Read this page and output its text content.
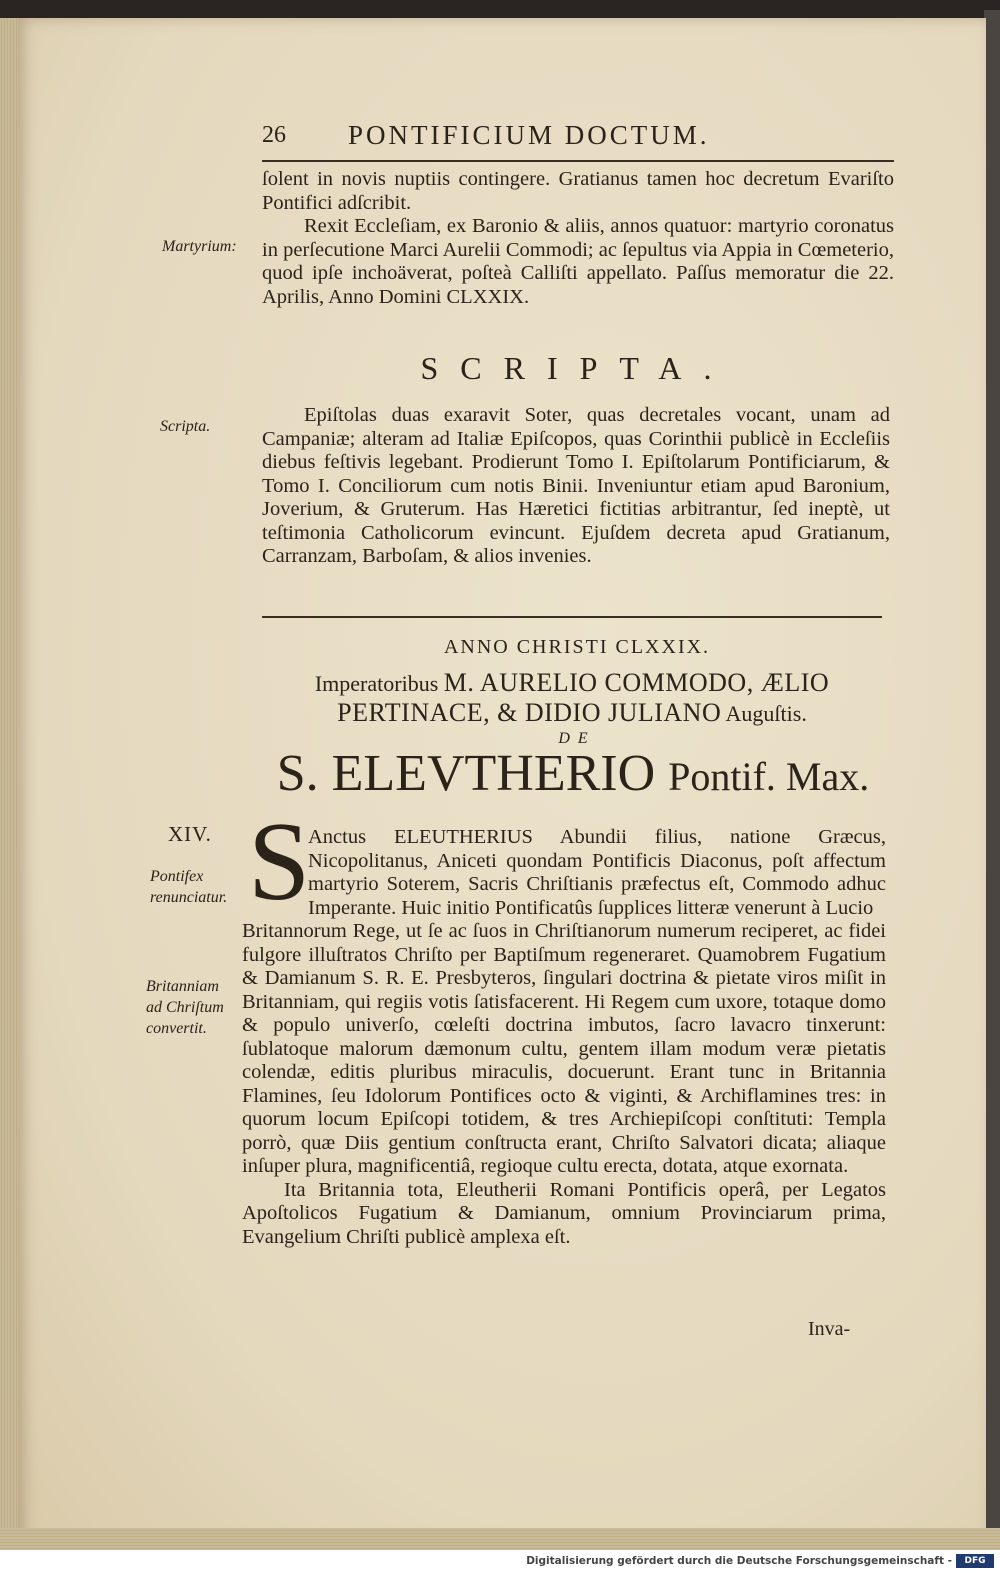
26 PONTIFICIUM DOCTUM.

ſolent in novis nuptiis contingere. Gratianus tamen hoc decretum Evariſto Pontifici adſcribit.

Rexit Eccleſiam, ex Baronio & aliis, annos quatuor: martyrio coronatus in perſecutione Marci Aurelii Commodi; ac ſepultus via Appia in Cœmeterio, quod ipſe inchoäverat, poſteà Calliſti appellato. Paſſus memoratur die 22. Aprilis, Anno Domini CLXXIX.

Martyrium:
SCRIPTA.
Scripta.

Epiſtolas duas exaravit Soter, quas decretales vocant, unam ad Campaniæ; alteram ad Italiæ Epiſcopos, quas Corinthii publicè in Eccleſiis diebus feſtivis legebant. Prodierunt Tomo I. Epiſtolarum Pontificiarum, & Tomo I. Conciliorum cum notis Binii. Inveniuntur etiam apud Baronium, Joverium, & Gruterum. Has Hæretici fictitias arbitrantur, ſed ineptè, ut teſtimonia Catholicorum evincunt. Ejuſdem decreta apud Gratianum, Carranzam, Barboſam, & alios invenies.

ANNO CHRISTI CLXXIX.
Imperatoribus M. AURELIO COMMODO, ÆLIO PERTINACE, & DIDIO JULIANO Auguſtis.
DE
S. ELEVTHERIO Pontif. Max.
XIV.
Pontifex renunciatur.
Britanniam ad Chriſtum convertit.
S

Anctus ELEUTHERIUS Abundii filius, natione Græcus, Nicopolitanus, Aniceti quondam Pontificis Diaconus, poſt affectum martyrio Soterem, Sacris Chriſtianis præfectus eſt, Commodo adhuc Imperante. Huic initio Pontificatûs ſupplices litteræ venerunt à Lucio

Britannorum Rege, ut ſe ac ſuos in Chriſtianorum numerum reciperet, ac fidei fulgore illuſtratos Chriſto per Baptiſmum regeneraret. Quamobrem Fugatium & Damianum S. R. E. Presbyteros, ſingulari doctrina & pietate viros miſit in Britanniam, qui regiis votis ſatisfacerent. Hi Regem cum uxore, totaque domo & populo univerſo, cœleſti doctrina imbutos, ſacro lavacro tinxerunt: ſublatoque malorum dæmonum cultu, gentem illam modum veræ pietatis colendæ, editis pluribus miraculis, docuerunt. Erant tunc in Britannia Flamines, ſeu Idolorum Pontifices octo & viginti, & Archiflamines tres: in quorum locum Epiſcopi totidem, & tres Archiepiſcopi conſtituti: Templa porrò, quæ Diis gentium conſtructa erant, Chriſto Salvatori dicata; aliaque inſuper plura, magnificentiâ, regioque cultu erecta, dotata, atque exornata.

Ita Britannia tota, Eleutherii Romani Pontificis operâ, per Legatos Apoſtolicos Fugatium & Damianum, omnium Provinciarum prima, Evangelium Chriſti publicè amplexa eſt.

Inva-
Digitalisierung gefördert durch die Deutsche Forschungsgemeinschaft -	DFG
